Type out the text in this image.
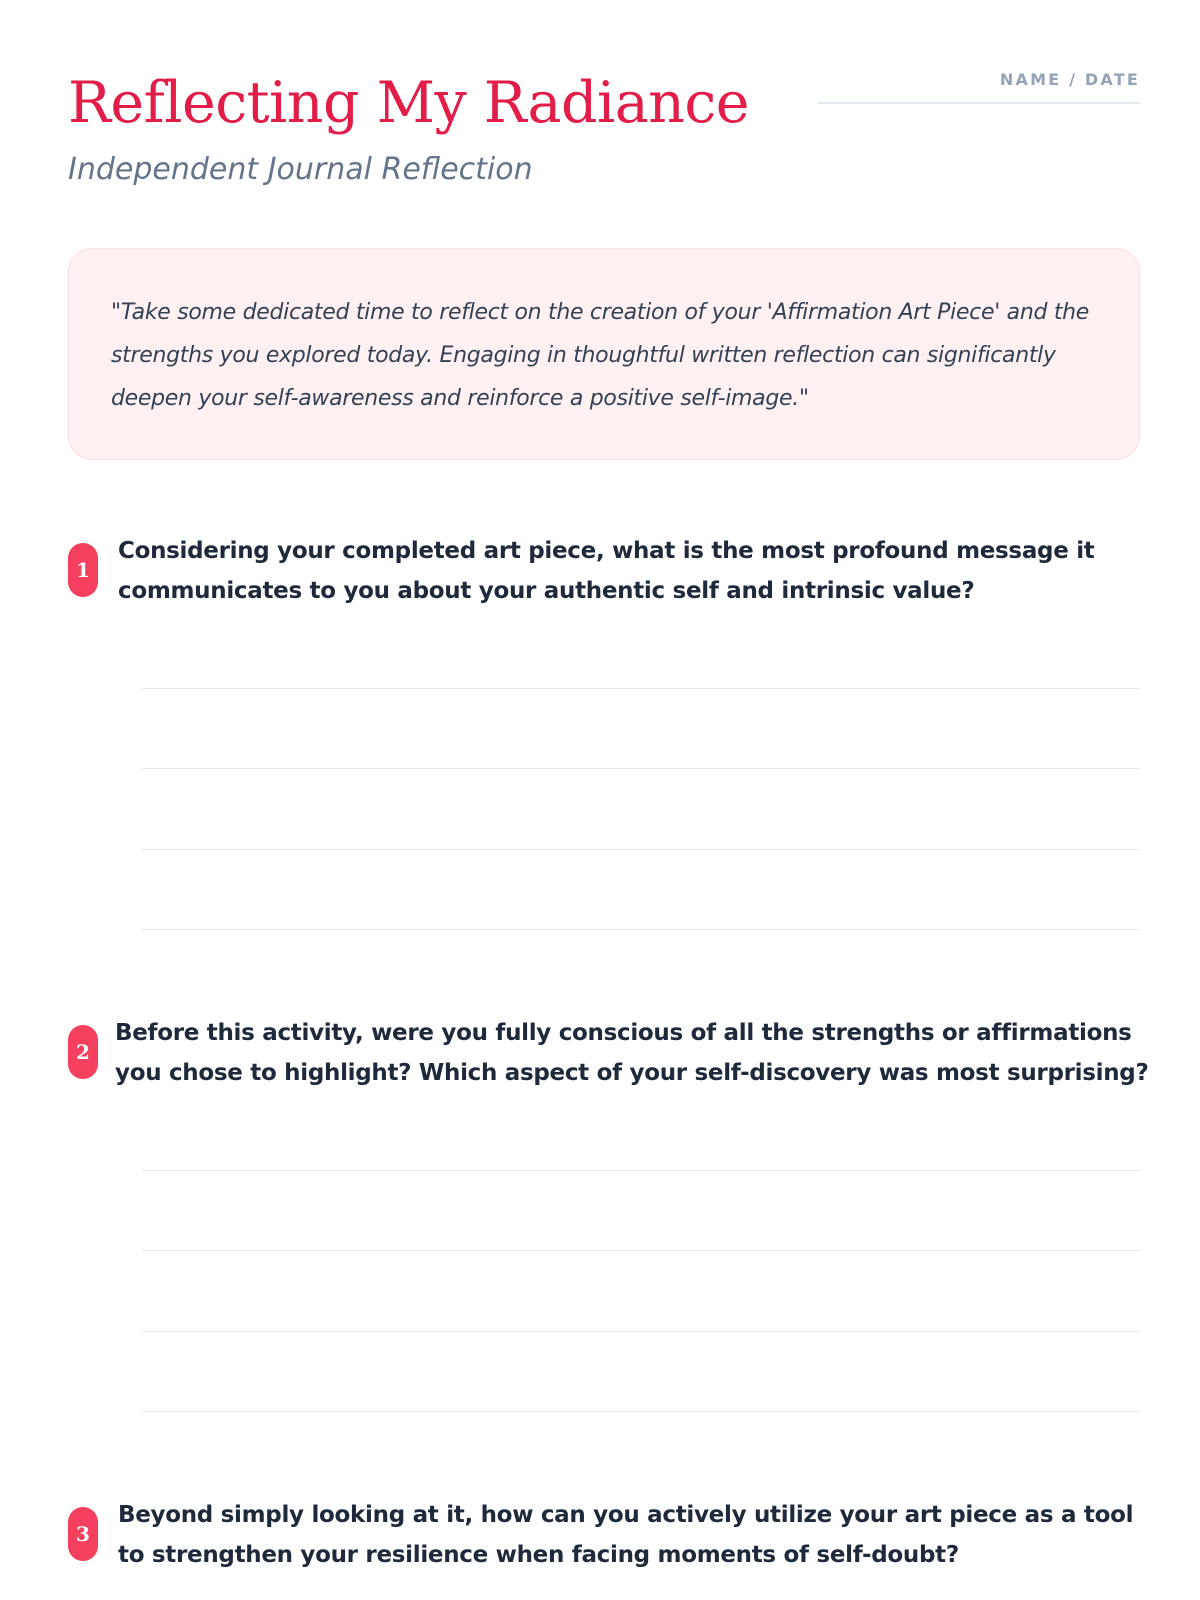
Reflecting My Radiance
Independent Journal Reflection
NAME / DATE

"Take some dedicated time to reflect on the creation of your 'Affirmation Art Piece' and the strengths you explored today. Engaging in thoughtful written reflection can significantly deepen your self-awareness and reinforce a positive self-image."

1

Considering your completed art piece, what is the most profound message it communicates to you about your authentic self and intrinsic value?

2

Before this activity, were you fully conscious of all the strengths or affirmations you chose to highlight? Which aspect of your self-discovery was most surprising?

3

Beyond simply looking at it, how can you actively utilize your art piece as a tool to strengthen your resilience when facing moments of self-doubt?
